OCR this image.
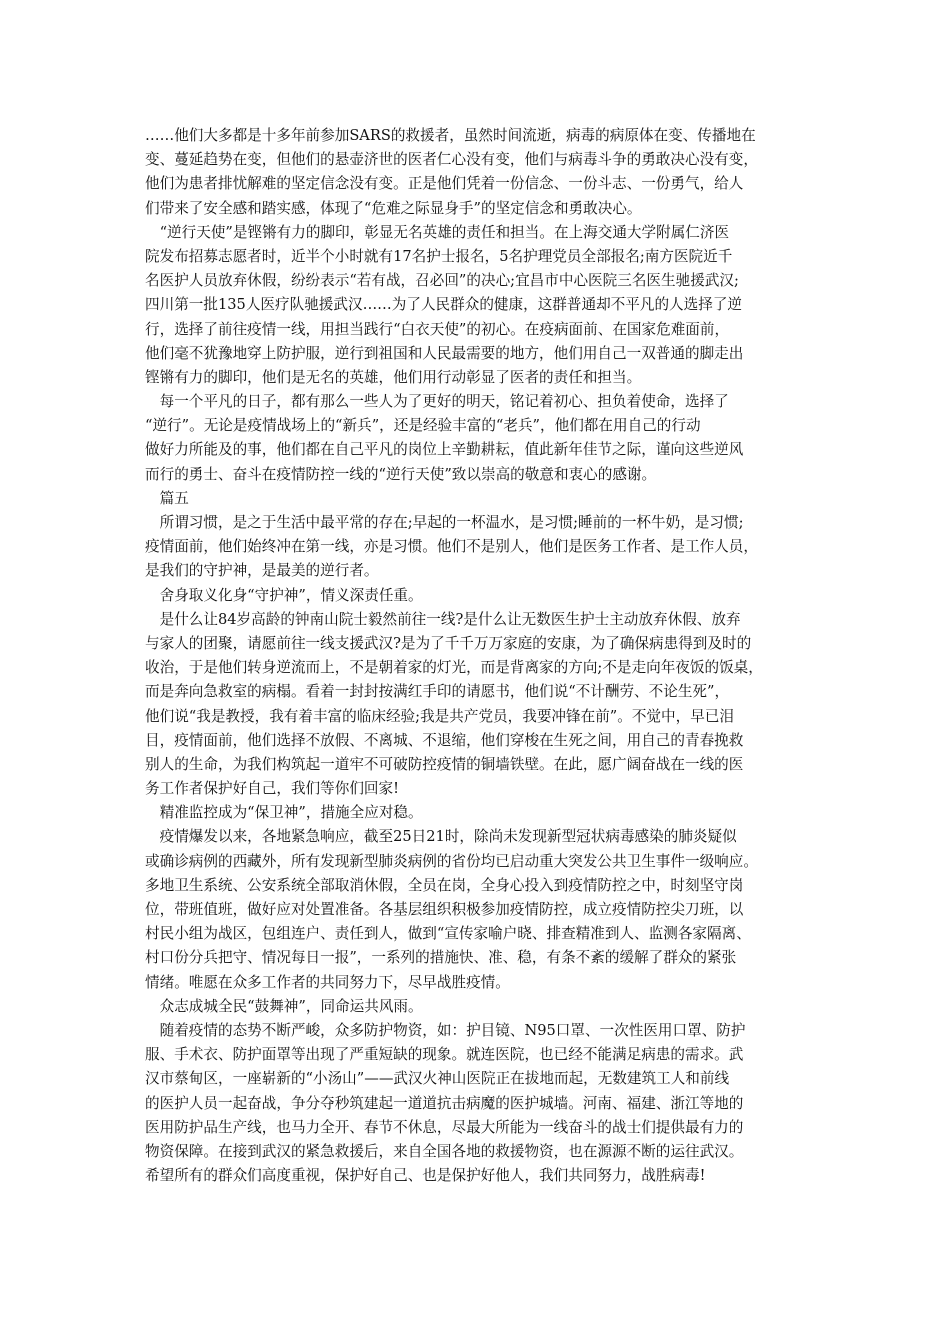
……他们大多都是十多年前参加SARS的救援者，虽然时间流逝，病毒的病原体在变、传播地在
变、蔓延趋势在变，但他们的悬壶济世的医者仁心没有变，他们与病毒斗争的勇敢决心没有变，
他们为患者排忧解难的坚定信念没有变。正是他们凭着一份信念、一份斗志、一份勇气，给人
们带来了安全感和踏实感，体现了“危难之际显身手”的坚定信念和勇敢决心。
　“逆行天使”是铿锵有力的脚印，彰显无名英雄的责任和担当。在上海交通大学附属仁济医
院发布招募志愿者时，近半个小时就有17名护士报名，5名护理党员全部报名;南方医院近千
名医护人员放弃休假，纷纷表示“若有战，召必回”的决心;宜昌市中心医院三名医生驰援武汉;
四川第一批135人医疗队驰援武汉……为了人民群众的健康，这群普通却不平凡的人选择了逆
行，选择了前往疫情一线，用担当践行“白衣天使”的初心。在疫病面前、在国家危难面前，
他们毫不犹豫地穿上防护服，逆行到祖国和人民最需要的地方，他们用自己一双普通的脚走出
铿锵有力的脚印，他们是无名的英雄，他们用行动彰显了医者的责任和担当。
　每一个平凡的日子，都有那么一些人为了更好的明天，铭记着初心、担负着使命，选择了
“逆行”。无论是疫情战场上的“新兵”，还是经验丰富的“老兵”，他们都在用自己的行动
做好力所能及的事，他们都在自己平凡的岗位上辛勤耕耘，值此新年佳节之际，谨向这些逆风
而行的勇士、奋斗在疫情防控一线的“逆行天使”致以崇高的敬意和衷心的感谢。
　篇五
　所谓习惯，是之于生活中最平常的存在;早起的一杯温水，是习惯;睡前的一杯牛奶，是习惯;
疫情面前，他们始终冲在第一线，亦是习惯。他们不是别人，他们是医务工作者、是工作人员，
是我们的守护神，是最美的逆行者。
　舍身取义化身“守护神”，情义深责任重。
　是什么让84岁高龄的钟南山院士毅然前往一线?是什么让无数医生护士主动放弃休假、放弃
与家人的团聚，请愿前往一线支援武汉?是为了千千万万家庭的安康，为了确保病患得到及时的
收治，于是他们转身逆流而上，不是朝着家的灯光，而是背离家的方向;不是走向年夜饭的饭桌，
而是奔向急救室的病榻。看着一封封按满红手印的请愿书，他们说“不计酬劳、不论生死”，
他们说“我是教授，我有着丰富的临床经验;我是共产党员，我要冲锋在前”。不觉中，早已泪
目，疫情面前，他们选择不放假、不离城、不退缩，他们穿梭在生死之间，用自己的青春挽救
别人的生命，为我们构筑起一道牢不可破防控疫情的铜墙铁壁。在此，愿广阔奋战在一线的医
务工作者保护好自己，我们等你们回家!
　精准监控成为“保卫神”，措施全应对稳。
　疫情爆发以来，各地紧急响应，截至25日21时，除尚未发现新型冠状病毒感染的肺炎疑似
或确诊病例的西藏外，所有发现新型肺炎病例的省份均已启动重大突发公共卫生事件一级响应。
多地卫生系统、公安系统全部取消休假，全员在岗，全身心投入到疫情防控之中，时刻坚守岗
位，带班值班，做好应对处置准备。各基层组织积极参加疫情防控，成立疫情防控尖刀班，以
村民小组为战区，包组连户、责任到人，做到“宣传家喻户晓、排查精准到人、监测各家隔离、
村口份分兵把守、情况每日一报”，一系列的措施快、准、稳，有条不紊的缓解了群众的紧张
情绪。唯愿在众多工作者的共同努力下，尽早战胜疫情。
　众志成城全民“鼓舞神”，同命运共风雨。
　随着疫情的态势不断严峻，众多防护物资，如：护目镜、N95口罩、一次性医用口罩、防护
服、手术衣、防护面罩等出现了严重短缺的现象。就连医院，也已经不能满足病患的需求。武
汉市蔡甸区，一座崭新的“小汤山”——武汉火神山医院正在拔地而起，无数建筑工人和前线
的医护人员一起奋战，争分夺秒筑建起一道道抗击病魔的医护城墙。河南、福建、浙江等地的
医用防护品生产线，也马力全开、春节不休息，尽最大所能为一线奋斗的战士们提供最有力的
物资保障。在接到武汉的紧急救援后，来自全国各地的救援物资，也在源源不断的运往武汉。
希望所有的群众们高度重视，保护好自己、也是保护好他人，我们共同努力，战胜病毒!
